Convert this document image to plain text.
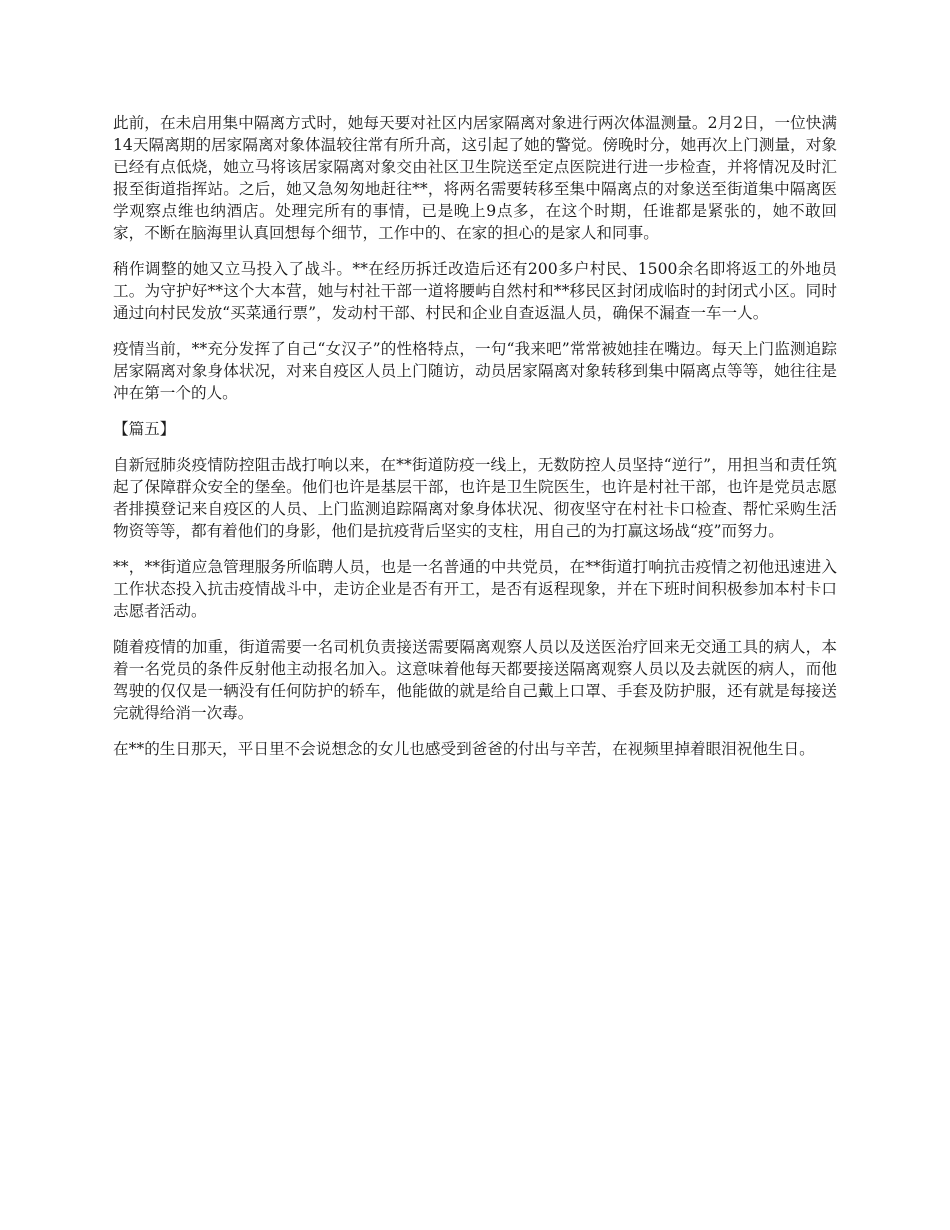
此前，在未启用集中隔离方式时，她每天要对社区内居家隔离对象进行两次体温测量。2月2日，一位快满14天隔离期的居家隔离对象体温较往常有所升高，这引起了她的警觉。傍晚时分，她再次上门测量，对象已经有点低烧，她立马将该居家隔离对象交由社区卫生院送至定点医院进行进一步检查，并将情况及时汇报至街道指挥站。之后，她又急匆匆地赶往**，将两名需要转移至集中隔离点的对象送至街道集中隔离医学观察点维也纳酒店。处理完所有的事情，已是晚上9点多，在这个时期，任谁都是紧张的，她不敢回家，不断在脑海里认真回想每个细节，工作中的、在家的担心的是家人和同事。

稍作调整的她又立马投入了战斗。**在经历拆迁改造后还有200多户村民、1500余名即将返工的外地员工。为守护好**这个大本营，她与村社干部一道将腰屿自然村和**移民区封闭成临时的封闭式小区。同时通过向村民发放“买菜通行票”，发动村干部、村民和企业自查返温人员，确保不漏查一车一人。

疫情当前，**充分发挥了自己“女汉子”的性格特点，一句“我来吧”常常被她挂在嘴边。每天上门监测追踪居家隔离对象身体状况，对来自疫区人员上门随访，动员居家隔离对象转移到集中隔离点等等，她往往是冲在第一个的人。

【篇五】

自新冠肺炎疫情防控阻击战打响以来，在**街道防疫一线上，无数防控人员坚持“逆行”，用担当和责任筑起了保障群众安全的堡垒。他们也许是基层干部，也许是卫生院医生，也许是村社干部，也许是党员志愿者排摸登记来自疫区的人员、上门监测追踪隔离对象身体状况、彻夜坚守在村社卡口检查、帮忙采购生活物资等等，都有着他们的身影，他们是抗疫背后坚实的支柱，用自己的为打赢这场战“疫”而努力。

**，**街道应急管理服务所临聘人员，也是一名普通的中共党员，在**街道打响抗击疫情之初他迅速进入工作状态投入抗击疫情战斗中，走访企业是否有开工，是否有返程现象，并在下班时间积极参加本村卡口志愿者活动。

随着疫情的加重，街道需要一名司机负责接送需要隔离观察人员以及送医治疗回来无交通工具的病人，本着一名党员的条件反射他主动报名加入。这意味着他每天都要接送隔离观察人员以及去就医的病人，而他驾驶的仅仅是一辆没有任何防护的轿车，他能做的就是给自己戴上口罩、手套及防护服，还有就是每接送完就得给消一次毒。

在**的生日那天，平日里不会说想念的女儿也感受到爸爸的付出与辛苦，在视频里掉着眼泪祝他生日。
